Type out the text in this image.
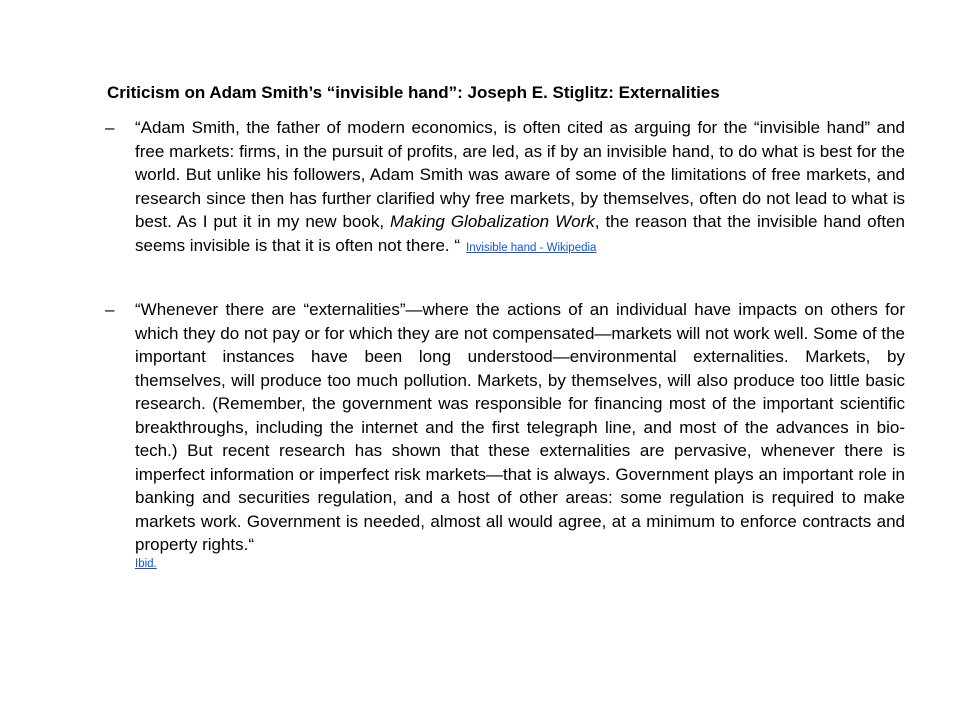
Criticism on Adam Smith’s “invisible hand”: Joseph E. Stiglitz: Externalities
–	“Adam Smith, the father of modern economics, is often cited as arguing for the “invisible hand” and free markets: firms, in the pursuit of profits, are led, as if by an invisible hand, to do what is best for the world. But unlike his followers, Adam Smith was aware of some of the limitations of free markets, and research since then has further clarified why free markets, by themselves, often do not lead to what is best. As I put it in my new book, Making Globalization Work, the reason that the invisible hand often seems invisible is that it is often not there. “ Invisible hand - Wikipedia
–	“Whenever there are “externalities”—where the actions of an individual have impacts on others for which they do not pay or for which they are not compensated—markets will not work well. Some of the important instances have been long understood—environmental externalities. Markets, by themselves, will produce too much pollution. Markets, by themselves, will also produce too little basic research. (Remember, the government was responsible for financing most of the important scientific breakthroughs, including the internet and the first telegraph line, and most of the advances in bio-tech.) But recent research has shown that these externalities are pervasive, whenever there is imperfect information or imperfect risk markets—that is always. Government plays an important role in banking and securities regulation, and a host of other areas: some regulation is required to make markets work. Government is needed, almost all would agree, at a minimum to enforce contracts and property rights.“
Ibid.
